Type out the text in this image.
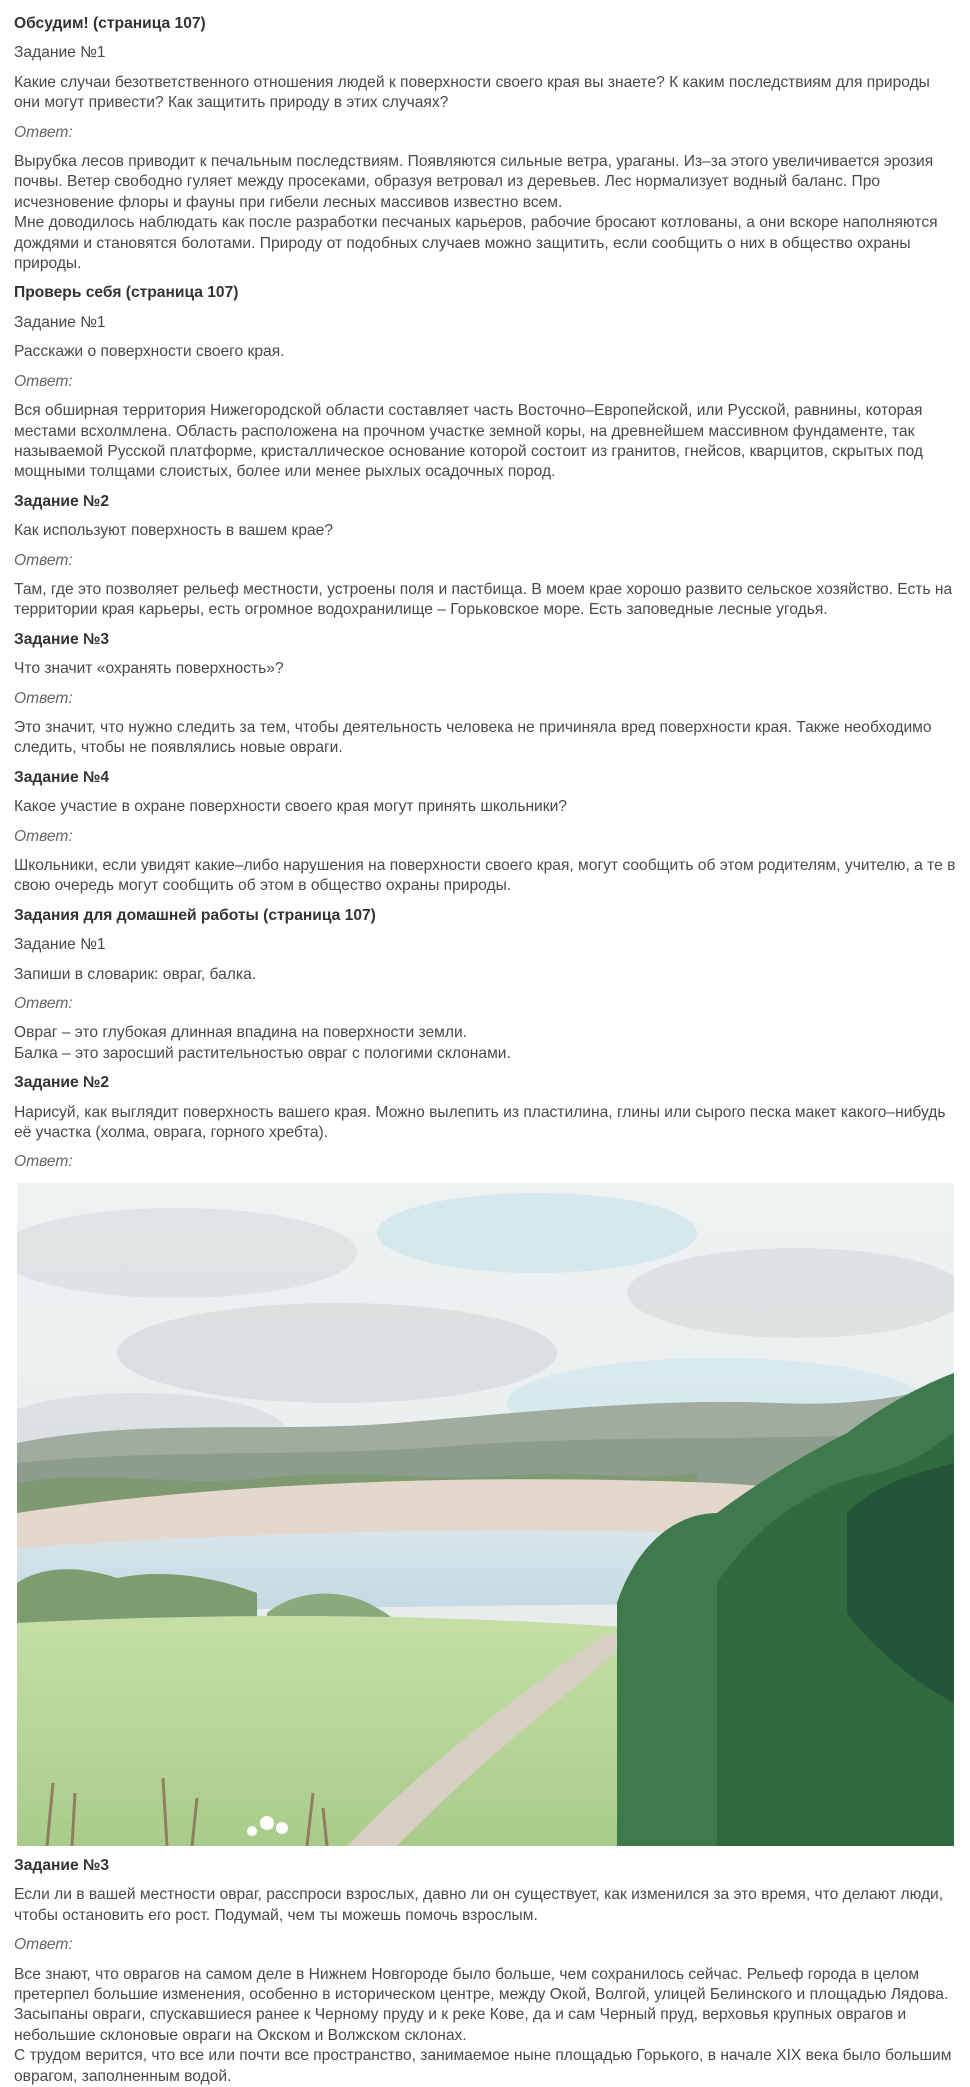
Обсудим! (страница 107)

Задание №1

Какие случаи безответственного отношения людей к поверхности своего края вы знаете? К каким последствиям для природы они могут привести? Как защитить природу в этих случаях?

Ответ:

Вырубка лесов приводит к печальным последствиям. Появляются сильные ветра, ураганы. Из–за этого увеличивается эрозия почвы. Ветер свободно гуляет между просеками, образуя ветровал из деревьев. Лес нормализует водный баланс. Про исчезновение флоры и фауны при гибели лесных массивов известно всем.
Мне доводилось наблюдать как после разработки песчаных карьеров, рабочие бросают котлованы, а они вскоре наполняются дождями и становятся болотами. Природу от подобных случаев можно защитить, если сообщить о них в общество охраны природы.

Проверь себя (страница 107)

Задание №1

Расскажи о поверхности своего края.

Ответ:

Вся обширная территория Нижегородской области составляет часть Восточно–Европейской, или Русской, равнины, которая местами всхолмлена. Область расположена на прочном участке земной коры, на древнейшем массивном фундаменте, так называемой Русской платформе, кристаллическое основание которой состоит из гранитов, гнейсов, кварцитов, скрытых под мощными толщами слоистых, более или менее рыхлых осадочных пород.

Задание №2

Как используют поверхность в вашем крае?

Ответ:

Там, где это позволяет рельеф местности, устроены поля и пастбища. В моем крае хорошо развито сельское хозяйство. Есть на территории края карьеры, есть огромное водохранилище – Горьковское море. Есть заповедные лесные угодья.

Задание №3

Что значит «охранять поверхность»?

Ответ:

Это значит, что нужно следить за тем, чтобы деятельность человека не причиняла вред поверхности края. Также необходимо следить, чтобы не появлялись новые овраги.

Задание №4

Какое участие в охране поверхности своего края могут принять школьники?

Ответ:

Школьники, если увидят какие–либо нарушения на поверхности своего края, могут сообщить об этом родителям, учителю, а те в свою очередь могут сообщить об этом в общество охраны природы.

Задания для домашней работы (страница 107)

Задание №1

Запиши в словарик: овраг, балка.

Ответ:

Овраг – это глубокая длинная впадина на поверхности земли.
Балка – это заросший растительностью овраг с пологими склонами.

Задание №2

Нарисуй, как выглядит поверхность вашего края. Можно вылепить из пластилина, глины или сырого песка макет какого–нибудь её участка (холма, оврага, горного хребта).

Ответ:

Задание №3

Если ли в вашей местности овраг, расспроси взрослых, давно ли он существует, как изменился за это время, что делают люди, чтобы остановить его рост. Подумай, чем ты можешь помочь взрослым.

Ответ:

Все знают, что оврагов на самом деле в Нижнем Новгороде было больше, чем сохранилось сейчас. Рельеф города в целом претерпел большие изменения, особенно в историческом центре, между Окой, Волгой, улицей Белинского и площадью Лядова. Засыпаны овраги, спускавшиеся ранее к Черному пруду и к реке Кове, да и сам Черный пруд, верховья крупных оврагов и небольшие склоновые овраги на Окском и Волжском склонах.
С трудом верится, что все или почти все пространство, занимаемое ныне площадью Горького, в начале XIX века было большим оврагом, заполненным водой.
